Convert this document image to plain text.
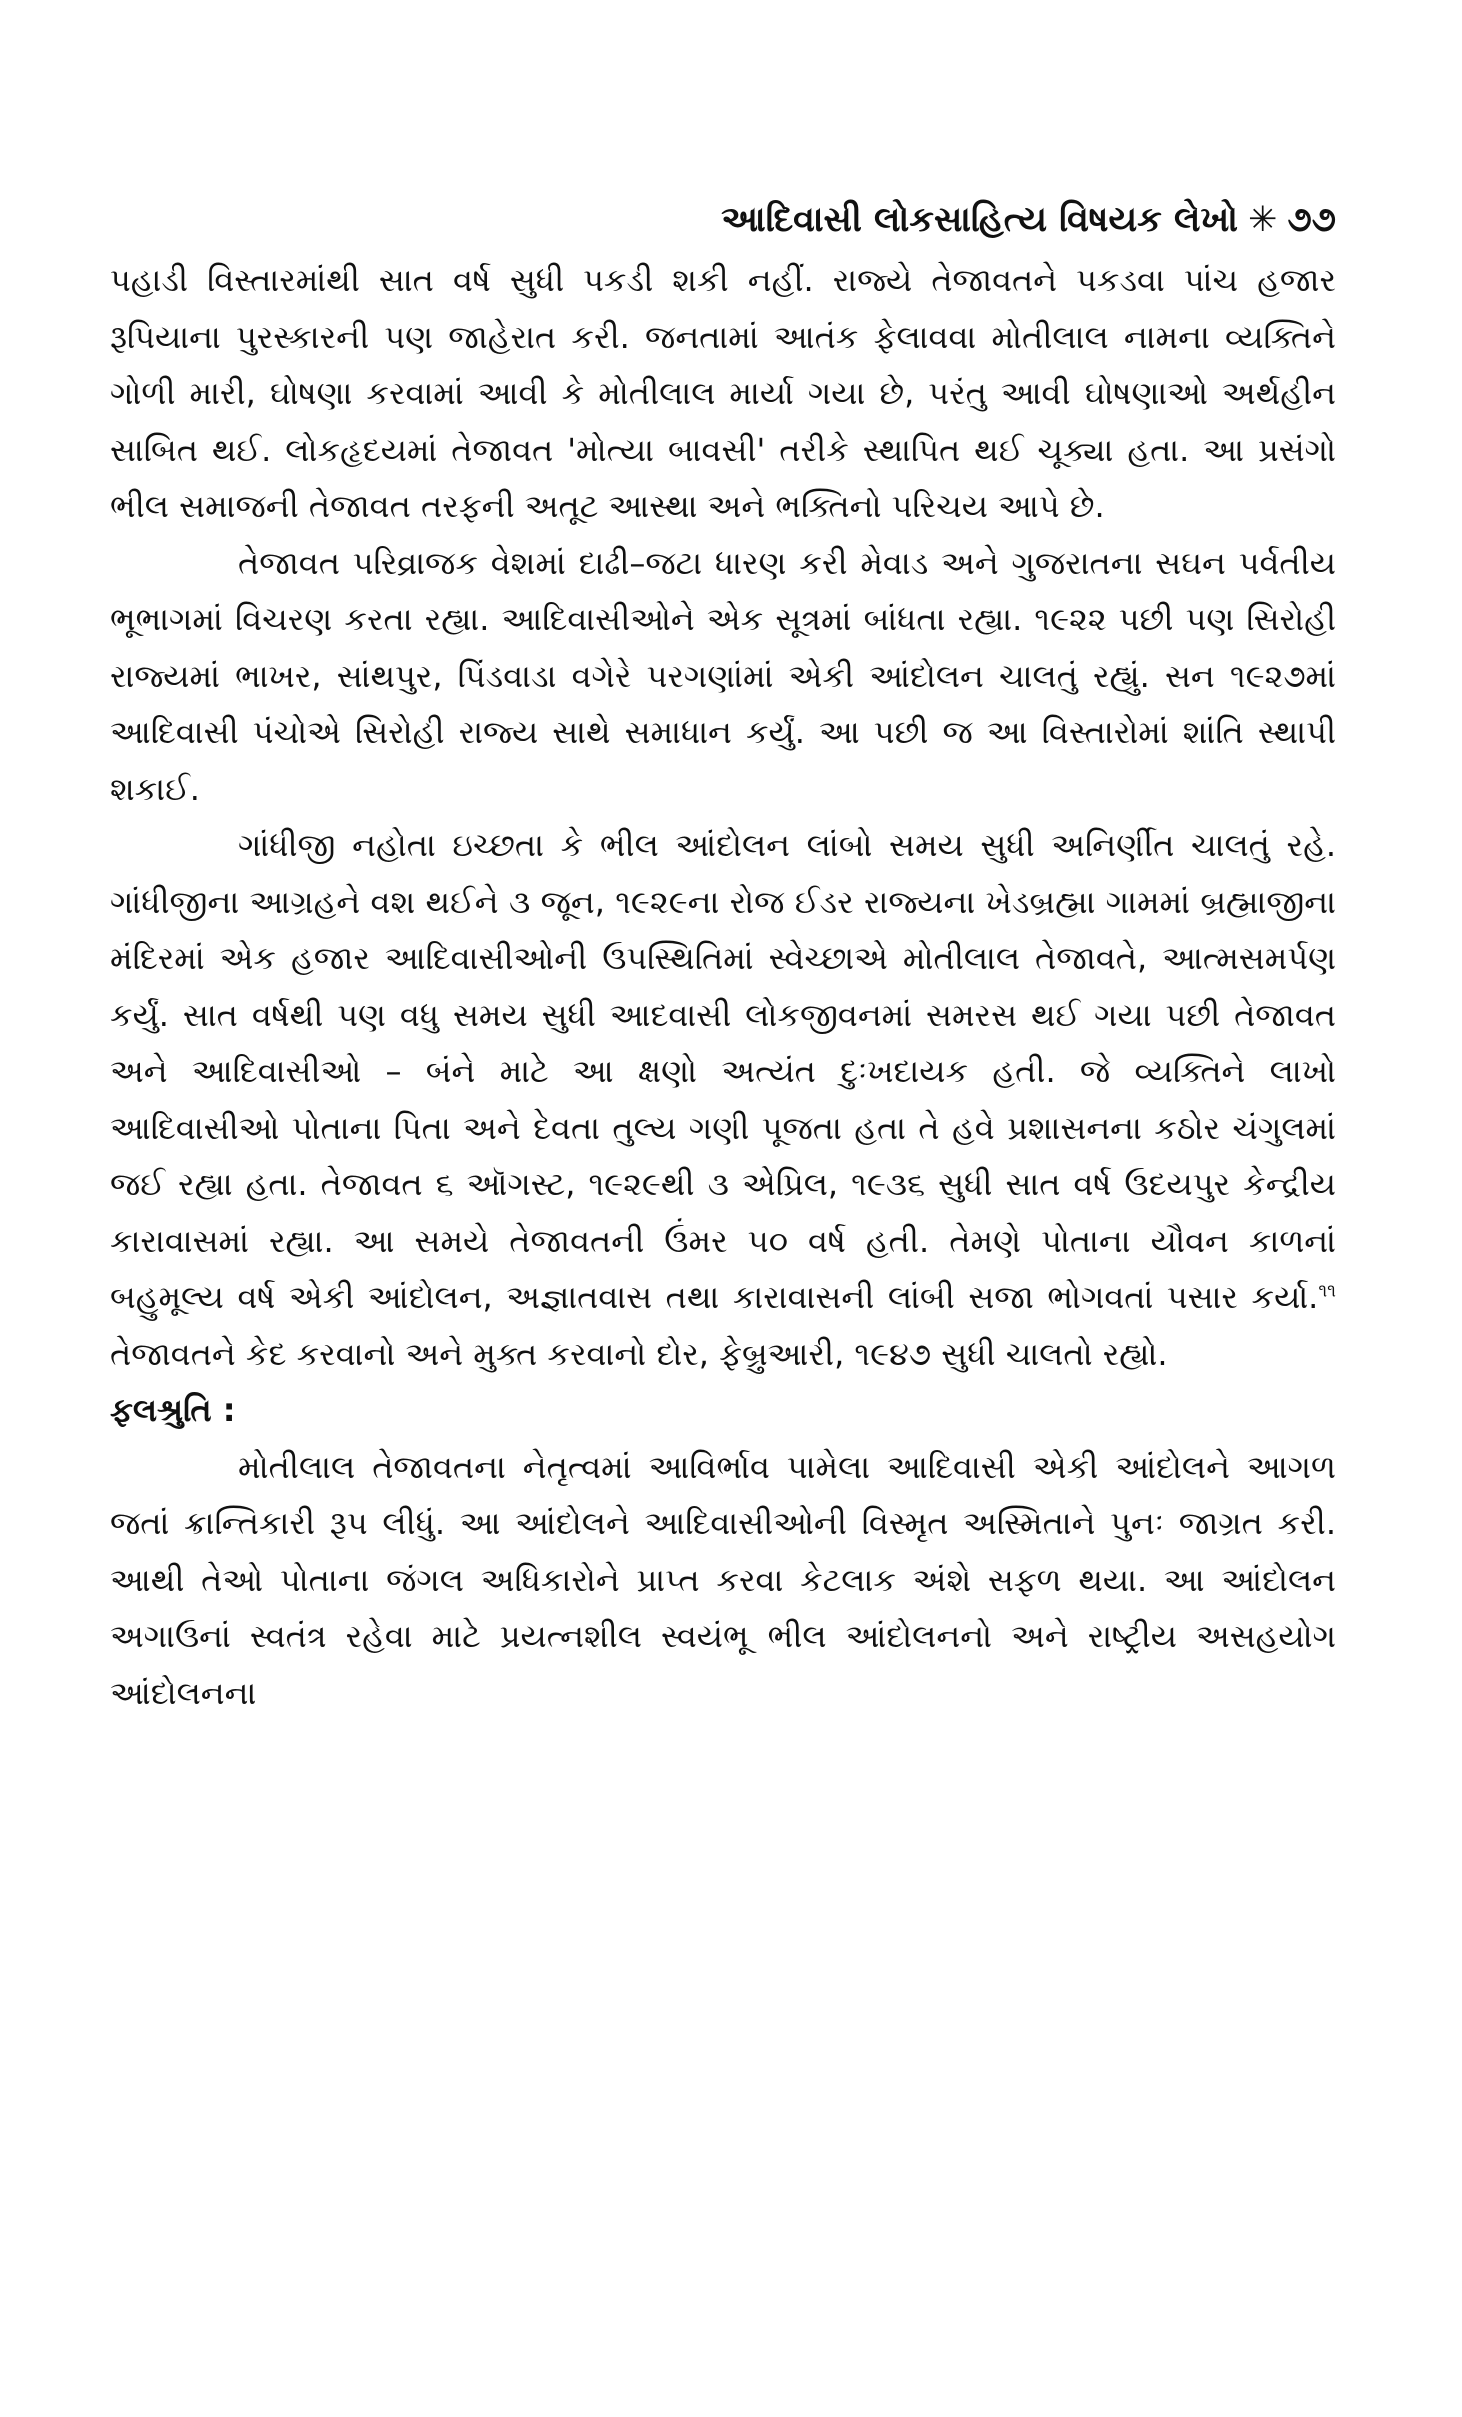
આદિવાસી લોકસાહિત્ય વિષયક લેખો ✳ ૭૭

પહાડી વિસ્તારમાંથી સાત વર્ષ સુધી પકડી શકી નહીં. રાજ્યે તેજાવતને પકડવા પાંચ હજાર રૂપિયાના પુરસ્કારની પણ જાહેરાત કરી. જનતામાં આતંક ફેલાવવા મોતીલાલ નામના વ્યક્તિને ગોળી મારી, ઘોષણા કરવામાં આવી કે મોતીલાલ માર્યા ગયા છે, પરંતુ આવી ઘોષણાઓ અર્થહીન સાબિત થઈ. લોકહૃદયમાં તેજાવત 'મોત્યા બાવસી' તરીકે સ્થાપિત થઈ ચૂક્યા હતા. આ પ્રસંગો ભીલ સમાજની તેજાવત તરફની અતૂટ આસ્થા અને ભક્તિનો પરિચય આપે છે.

તેજાવત પરિવ્રાજક વેશમાં દાઢી–જટા ધારણ કરી મેવાડ અને ગુજરાતના સઘન પર્વતીય ભૂભાગમાં વિચરણ કરતા રહ્યા. આદિવાસીઓને એક સૂત્રમાં બાંધતા રહ્યા. ૧૯૨૨ પછી પણ સિરોહી રાજ્યમાં ભાખર, સાંથપુર, પિંડવાડા વગેરે પરગણાંમાં એકી આંદોલન ચાલતું રહ્યું. સન ૧૯૨૭માં આદિવાસી પંચોએ સિરોહી રાજ્ય સાથે સમાધાન કર્યું. આ પછી જ આ વિસ્તારોમાં શાંતિ સ્થાપી શકાઈ.

ગાંધીજી નહોતા ઇચ્છતા કે ભીલ આંદોલન લાંબો સમય સુધી અનિર્ણીત ચાલતું રહે. ગાંધીજીના આગ્રહને વશ થઈને ૩ જૂન, ૧૯૨૯ના રોજ ઈડર રાજ્યના ખેડબ્રહ્મા ગામમાં બ્રહ્માજીના મંદિરમાં એક હજાર આદિવાસીઓની ઉપસ્થિતિમાં સ્વેચ્છાએ મોતીલાલ તેજાવતે, આત્મસમર્પણ કર્યું. સાત વર્ષથી પણ વધુ સમય સુધી આદવાસી લોકજીવનમાં સમરસ થઈ ગયા પછી તેજાવત અને આદિવાસીઓ – બંને માટે આ ક્ષણો અત્યંત દુઃખદાયક હતી. જે વ્યક્તિને લાખો આદિવાસીઓ પોતાના પિતા અને દેવતા તુલ્ય ગણી પૂજતા હતા તે હવે પ્રશાસનના કઠોર ચંગુલમાં જઈ રહ્યા હતા. તેજાવત ૬ ઑગસ્ટ, ૧૯૨૯થી ૩ એપ્રિલ, ૧૯૩૬ સુધી સાત વર્ષ ઉદયપુર કેન્દ્રીય કારાવાસમાં રહ્યા. આ સમયે તેજાવતની ઉંમર ૫૦ વર્ષ હતી. તેમણે પોતાના યૌવન કાળનાં બહુમૂલ્ય વર્ષ એકી આંદોલન, અજ્ઞાતવાસ તથા કારાવાસની લાંબી સજા ભોગવતાં પસાર કર્યા.$^{૧૧}$ તેજાવતને કેદ કરવાનો અને મુક્ત કરવાનો દોર, ફેબ્રુઆરી, ૧૯૪૭ સુધી ચાલતો રહ્યો.

ફલશ્રુતિ :

મોતીલાલ તેજાવતના નેતૃત્વમાં આવિર્ભાવ પામેલા આદિવાસી એકી આંદોલને આગળ જતાં ક્રાન્તિકારી રૂપ લીધું. આ આંદોલને આદિવાસીઓની વિસ્મૃત અસ્મિતાને પુનઃ જાગ્રત કરી. આથી તેઓ પોતાના જંગલ અધિકારોને પ્રાપ્ત કરવા કેટલાક અંશે સફળ થયા. આ આંદોલન અગાઉનાં સ્વતંત્ર રહેવા માટે પ્રયત્નશીલ સ્વયંભૂ ભીલ આંદોલનનો અને રાષ્ટ્રીય અસહયોગ આંદોલનના
